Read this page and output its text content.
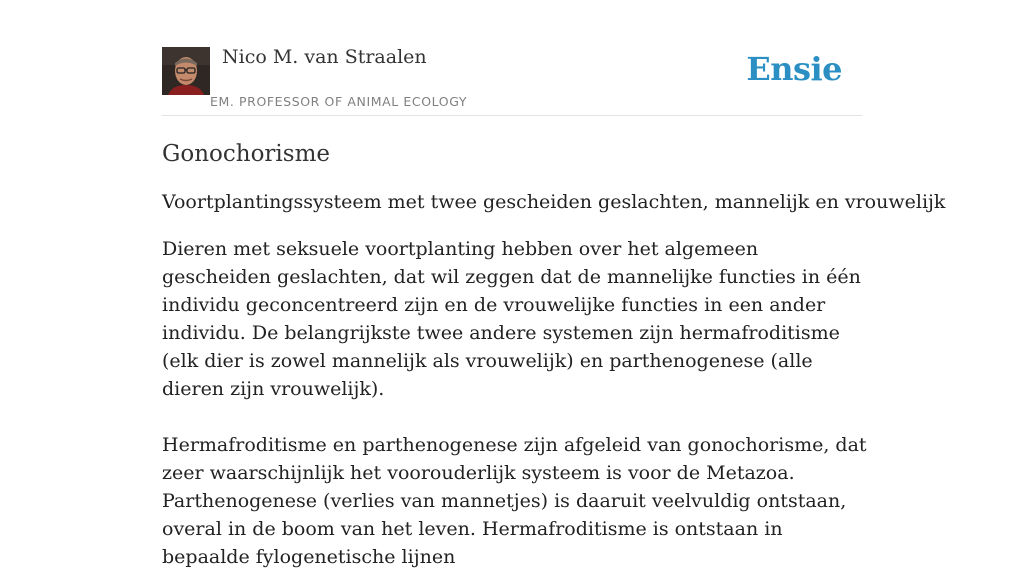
Nico M. van Straalen
EM. PROFESSOR OF ANIMAL ECOLOGY
Ensie
Gonochorisme

Voortplantingssysteem met twee gescheiden geslachten, mannelijk en vrouwelijk

Dieren met seksuele voortplanting hebben over het algemeen gescheiden geslachten, dat wil zeggen dat de mannelijke functies in één individu geconcentreerd zijn en de vrouwelijke functies in een ander individu. De belangrijkste twee andere systemen zijn hermafroditisme (elk dier is zowel mannelijk als vrouwelijk) en parthenogenese (alle dieren zijn vrouwelijk).

Hermafroditisme en parthenogenese zijn afgeleid van gonochorisme, dat zeer waarschijnlijk het voorouderlijk systeem is voor de Metazoa. Parthenogenese (verlies van mannetjes) is daaruit veelvuldig ontstaan, overal in de boom van het leven. Hermafroditisme is ontstaan in bepaalde fylogenetische lijnen
